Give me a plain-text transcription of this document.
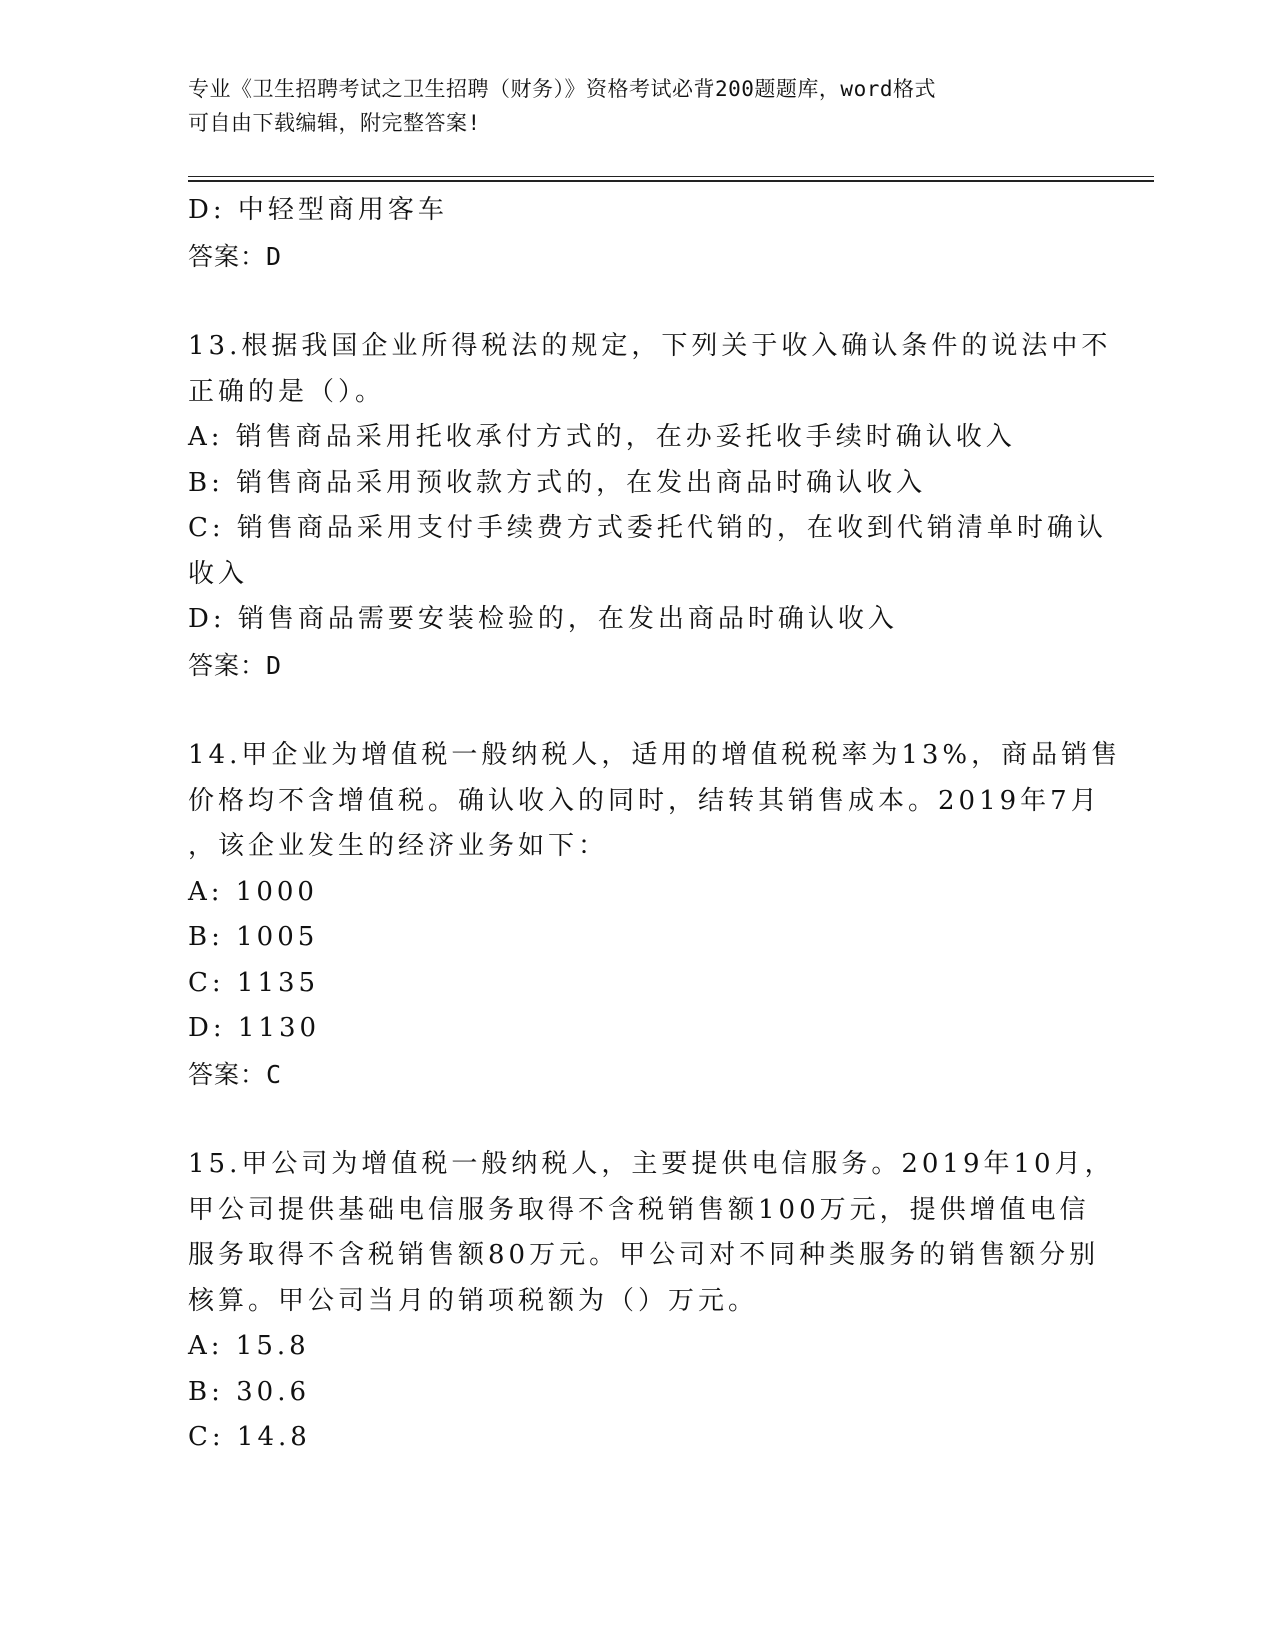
专业《卫生招聘考试之卫生招聘（财务）》资格考试必背200题题库，word格式
可自由下载编辑，附完整答案!
D: 中轻型商用客车
答案：D
13.根据我国企业所得税法的规定，下列关于收入确认条件的说法中不
正确的是（）。
A: 销售商品采用托收承付方式的，在办妥托收手续时确认收入
B: 销售商品采用预收款方式的，在发出商品时确认收入
C: 销售商品采用支付手续费方式委托代销的，在收到代销清单时确认
收入
D: 销售商品需要安装检验的，在发出商品时确认收入
答案：D
14.甲企业为增值税一般纳税人，适用的增值税税率为13%，商品销售
价格均不含增值税。确认收入的同时，结转其销售成本。2019年7月
，该企业发生的经济业务如下：
A: 1000
B: 1005
C: 1135
D: 1130
答案：C
15.甲公司为增值税一般纳税人，主要提供电信服务。2019年10月，
甲公司提供基础电信服务取得不含税销售额100万元，提供增值电信
服务取得不含税销售额80万元。甲公司对不同种类服务的销售额分别
核算。甲公司当月的销项税额为（）万元。
A: 15.8
B: 30.6
C: 14.8
